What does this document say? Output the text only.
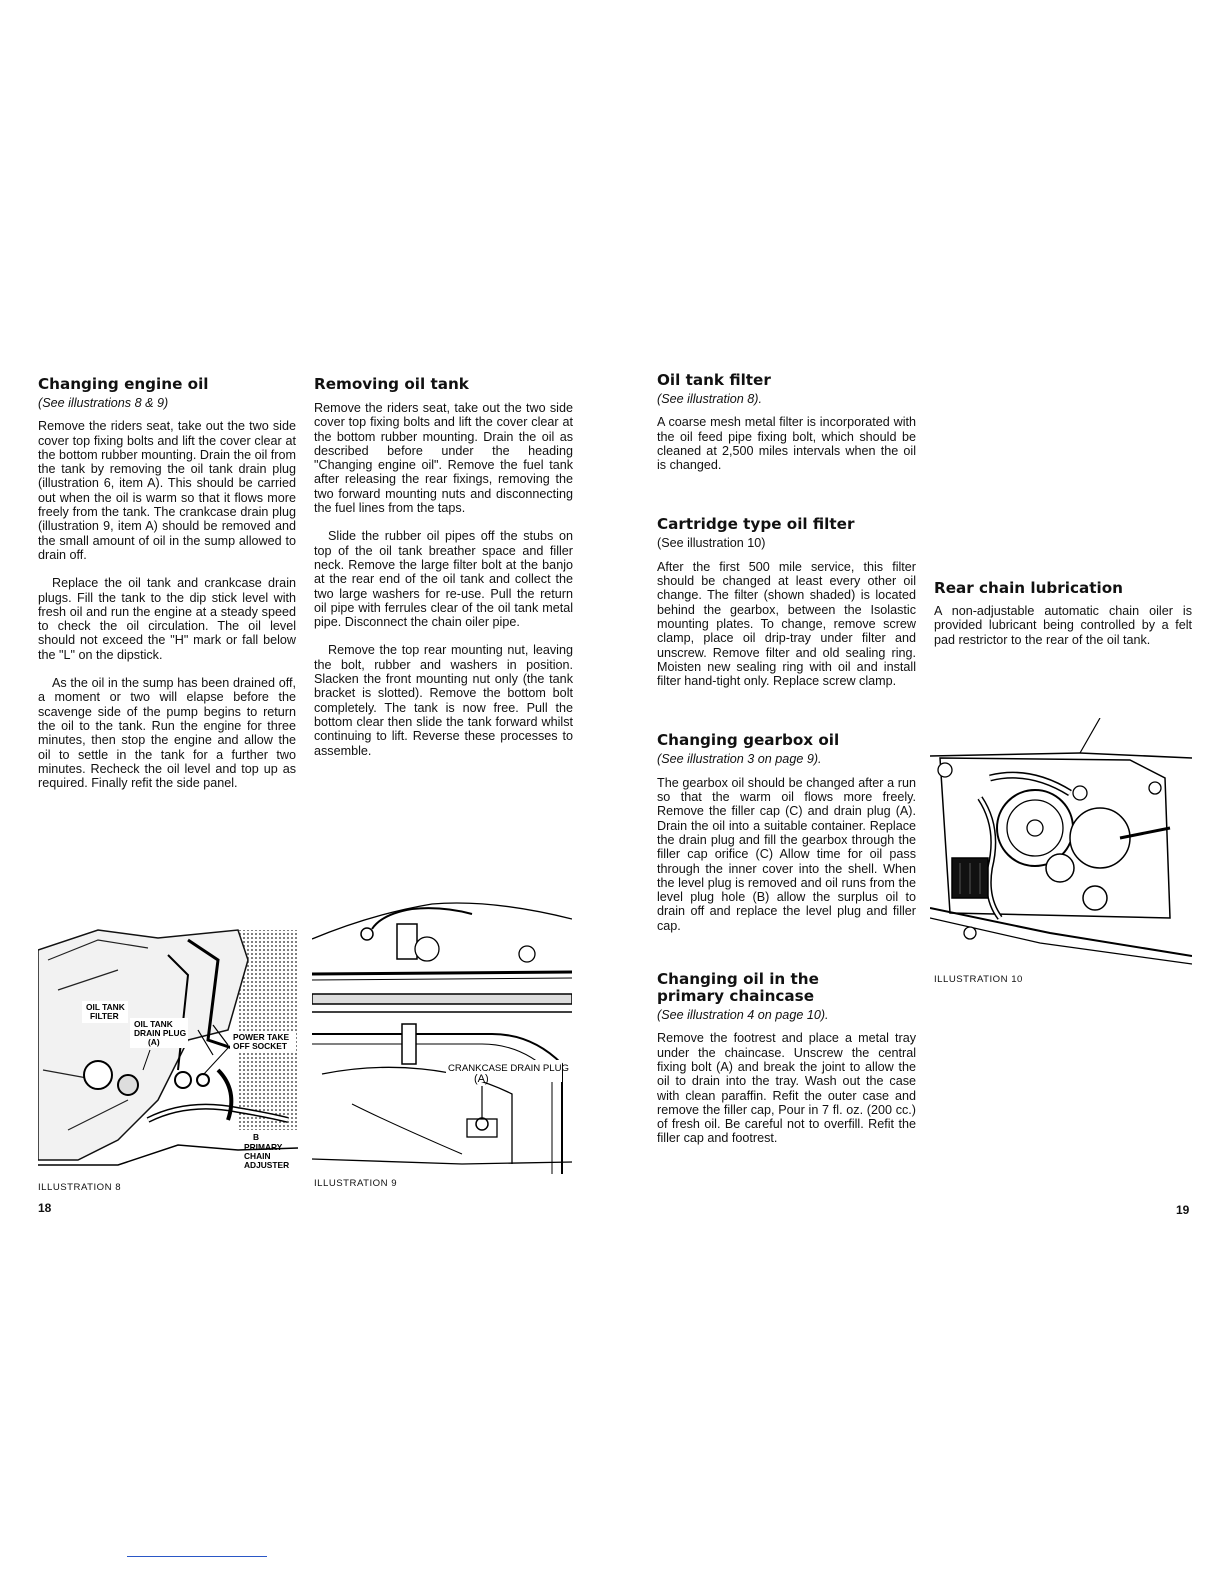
Changing engine oil
(See illustrations 8 & 9)

Remove the riders seat, take out the two side cover top fixing bolts and lift the cover clear at the bottom rubber mounting. Drain the oil from the tank by removing the oil tank drain plug (illustration 6, item A). This should be carried out when the oil is warm so that it flows more freely from the tank. The crankcase drain plug (illustration 9, item A) should be removed and the small amount of oil in the sump allowed to drain off.

Replace the oil tank and crankcase drain plugs. Fill the tank to the dip stick level with fresh oil and run the engine at a steady speed to check the oil circulation. The oil level should not exceed the "H" mark or fall below the "L" on the dipstick.

As the oil in the sump has been drained off, a moment or two will elapse before the scavenge side of the pump begins to return the oil to the tank. Run the engine for three minutes, then stop the engine and allow the oil to settle in the tank for a further two minutes. Recheck the oil level and top up as required. Finally refit the side panel.

Removing oil tank

Remove the riders seat, take out the two side cover top fixing bolts and lift the cover clear at the bottom rubber mounting. Drain the oil as described before under the heading "Changing engine oil". Remove the fuel tank after releasing the rear fixings, removing the two forward mounting nuts and disconnecting the fuel lines from the taps.

Slide the rubber oil pipes off the stubs on top of the oil tank breather space and filler neck. Remove the large filter bolt at the banjo at the rear end of the oil tank and collect the two large washers for re-use. Pull the return oil pipe with ferrules clear of the oil tank metal pipe. Disconnect the chain oiler pipe.

Remove the top rear mounting nut, leaving the bolt, rubber and washers in position. Slacken the front mounting nut only (the tank bracket is slotted). Remove the bottom bolt completely. The tank is now free. Pull the bottom clear then slide the tank forward whilst continuing to lift. Reverse these processes to assemble.

OIL TANK
FILTER
OIL TANK
DRAIN PLUG
(A)	POWER TAKE
OFF SOCKET
B
PRIMARY
CHAIN
ADJUSTER
ILLUSTRATION 8
CRANKCASE DRAIN PLUG
(A)
ILLUSTRATION 9
18
Oil tank filter
(See illustration 8).

A coarse mesh metal filter is incorporated with the oil feed pipe fixing bolt, which should be cleaned at 2,500 miles intervals when the oil is changed.

Cartridge type oil filter
(See illustration 10)

After the first 500 mile service, this filter should be changed at least every other oil change. The filter (shown shaded) is located behind the gearbox, between the Isolastic mounting plates. To change, remove screw clamp, place oil drip-tray under filter and unscrew. Remove filter and old sealing ring. Moisten new sealing ring with oil and install filter hand-tight only. Replace screw clamp.

Changing gearbox oil
(See illustration 3 on page 9).

The gearbox oil should be changed after a run so that the warm oil flows more freely. Remove the filler cap (C) and drain plug (A). Drain the oil into a suitable container. Replace the drain plug and fill the gearbox through the filler cap orifice (C) Allow time for oil pass through the inner cover into the shell. When the level plug is removed and oil runs from the level plug hole (B) allow the surplus oil to drain off and replace the level plug and filler cap.

Changing oil in the
primary chaincase
(See illustration 4 on page 10).

Remove the footrest and place a metal tray under the chaincase. Unscrew the central fixing bolt (A) and break the joint to allow the oil to drain into the tray. Wash out the case with clean paraffin. Refit the outer case and remove the filler cap, Pour in 7 fl. oz. (200 cc.) of fresh oil. Be careful not to overfill. Refit the filler cap and footrest.

Rear chain lubrication

A non-adjustable automatic chain oiler is provided lubricant being controlled by a felt pad restrictor to the rear of the oil tank.

ILLUSTRATION 10
19
